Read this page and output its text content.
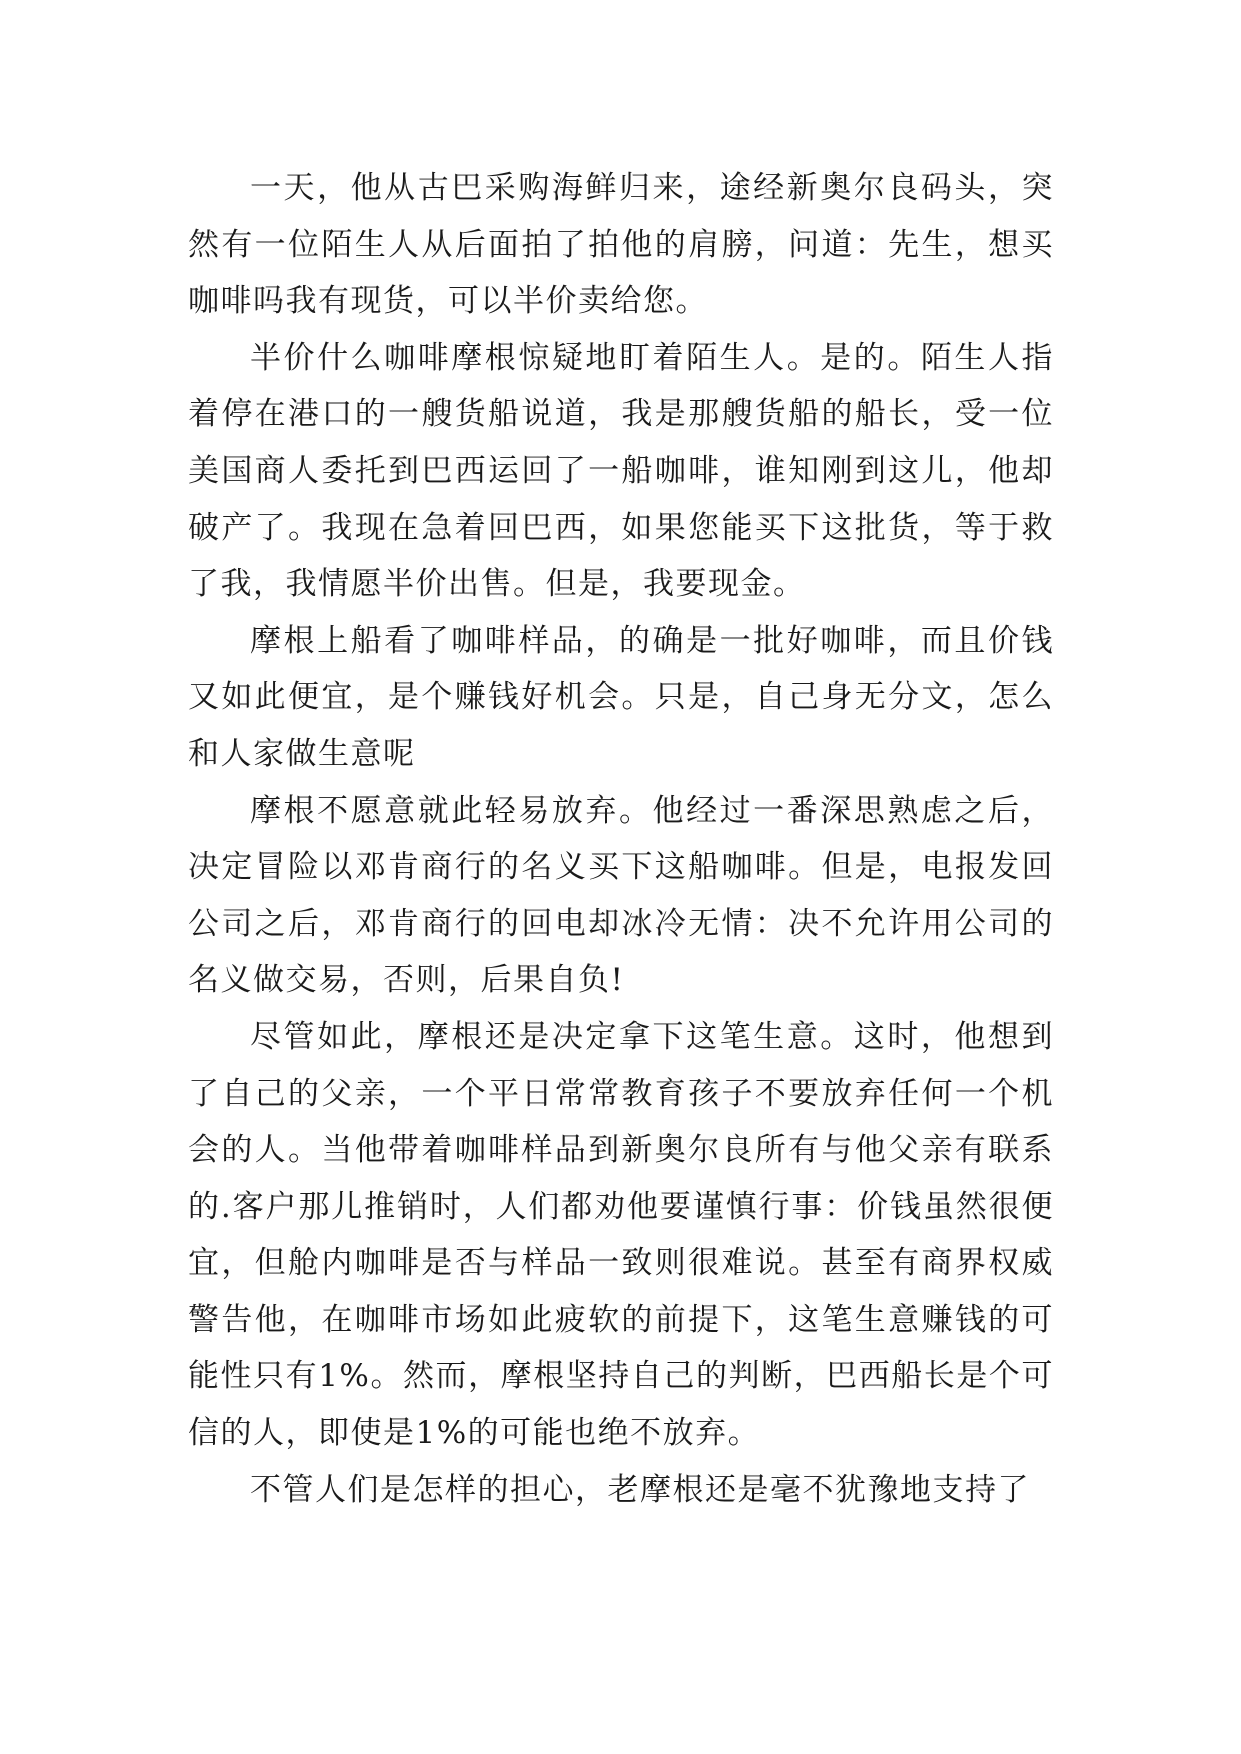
一天，他从古巴采购海鲜归来，途经新奥尔良码头，突然有一位陌生人从后面拍了拍他的肩膀，问道：先生，想买咖啡吗我有现货，可以半价卖给您。

半价什么咖啡摩根惊疑地盯着陌生人。是的。陌生人指着停在港口的一艘货船说道，我是那艘货船的船长，受一位美国商人委托到巴西运回了一船咖啡，谁知刚到这儿，他却破产了。我现在急着回巴西，如果您能买下这批货，等于救了我，我情愿半价出售。但是，我要现金。

摩根上船看了咖啡样品，的确是一批好咖啡，而且价钱又如此便宜，是个赚钱好机会。只是，自己身无分文，怎么和人家做生意呢

摩根不愿意就此轻易放弃。他经过一番深思熟虑之后，决定冒险以邓肯商行的名义买下这船咖啡。但是，电报发回公司之后，邓肯商行的回电却冰冷无情：决不允许用公司的名义做交易，否则，后果自负!

尽管如此，摩根还是决定拿下这笔生意。这时，他想到了自己的父亲，一个平日常常教育孩子不要放弃任何一个机会的人。当他带着咖啡样品到新奥尔良所有与他父亲有联系的.客户那儿推销时，人们都劝他要谨慎行事：价钱虽然很便宜，但舱内咖啡是否与样品一致则很难说。甚至有商界权威警告他，在咖啡市场如此疲软的前提下，这笔生意赚钱的可能性只有1%。然而，摩根坚持自己的判断，巴西船长是个可信的人，即使是1%的可能也绝不放弃。

不管人们是怎样的担心，老摩根还是毫不犹豫地支持了
